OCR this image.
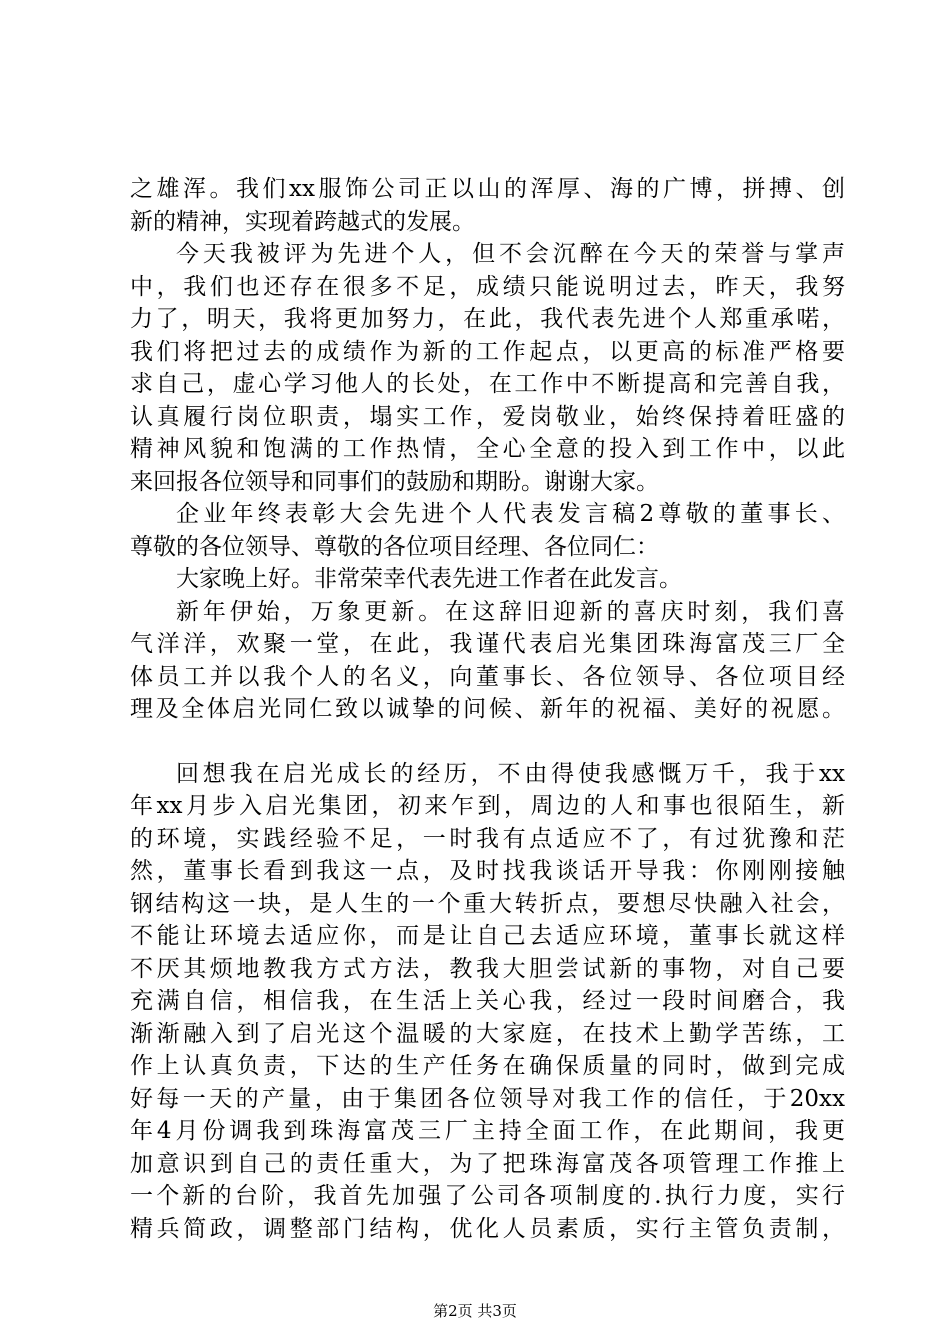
之雄浑。我们xx服饰公司正以山的浑厚、海的广博，拼搏、创
新的精神，实现着跨越式的发展。
今天我被评为先进个人，但不会沉醉在今天的荣誉与掌声
中，我们也还存在很多不足，成绩只能说明过去，昨天，我努
力了，明天，我将更加努力，在此，我代表先进个人郑重承喏，
我们将把过去的成绩作为新的工作起点，以更高的标准严格要
求自己，虚心学习他人的长处，在工作中不断提高和完善自我，
认真履行岗位职责，塌实工作，爱岗敬业，始终保持着旺盛的
精神风貌和饱满的工作热情，全心全意的投入到工作中，以此
来回报各位领导和同事们的鼓励和期盼。谢谢大家。
企业年终表彰大会先进个人代表发言稿2尊敬的董事长、
尊敬的各位领导、尊敬的各位项目经理、各位同仁：
大家晚上好。非常荣幸代表先进工作者在此发言。
新年伊始，万象更新。在这辞旧迎新的喜庆时刻，我们喜
气洋洋，欢聚一堂，在此，我谨代表启光集团珠海富茂三厂全
体员工并以我个人的名义，向董事长、各位领导、各位项目经
理及全体启光同仁致以诚挚的问候、新年的祝福、美好的祝愿。
回想我在启光成长的经历，不由得使我感慨万千，我于xx
年xx月步入启光集团，初来乍到，周边的人和事也很陌生，新
的环境，实践经验不足，一时我有点适应不了，有过犹豫和茫
然，董事长看到我这一点，及时找我谈话开导我：你刚刚接触
钢结构这一块，是人生的一个重大转折点，要想尽快融入社会，
不能让环境去适应你，而是让自己去适应环境，董事长就这样
不厌其烦地教我方式方法，教我大胆尝试新的事物，对自己要
充满自信，相信我，在生活上关心我，经过一段时间磨合，我
渐渐融入到了启光这个温暖的大家庭，在技术上勤学苦练，工
作上认真负责，下达的生产任务在确保质量的同时，做到完成
好每一天的产量，由于集团各位领导对我工作的信任，于20xx
年4月份调我到珠海富茂三厂主持全面工作，在此期间，我更
加意识到自己的责任重大，为了把珠海富茂各项管理工作推上
一个新的台阶，我首先加强了公司各项制度的.执行力度，实行
精兵简政，调整部门结构，优化人员素质，实行主管负责制，
第2页 共3页
